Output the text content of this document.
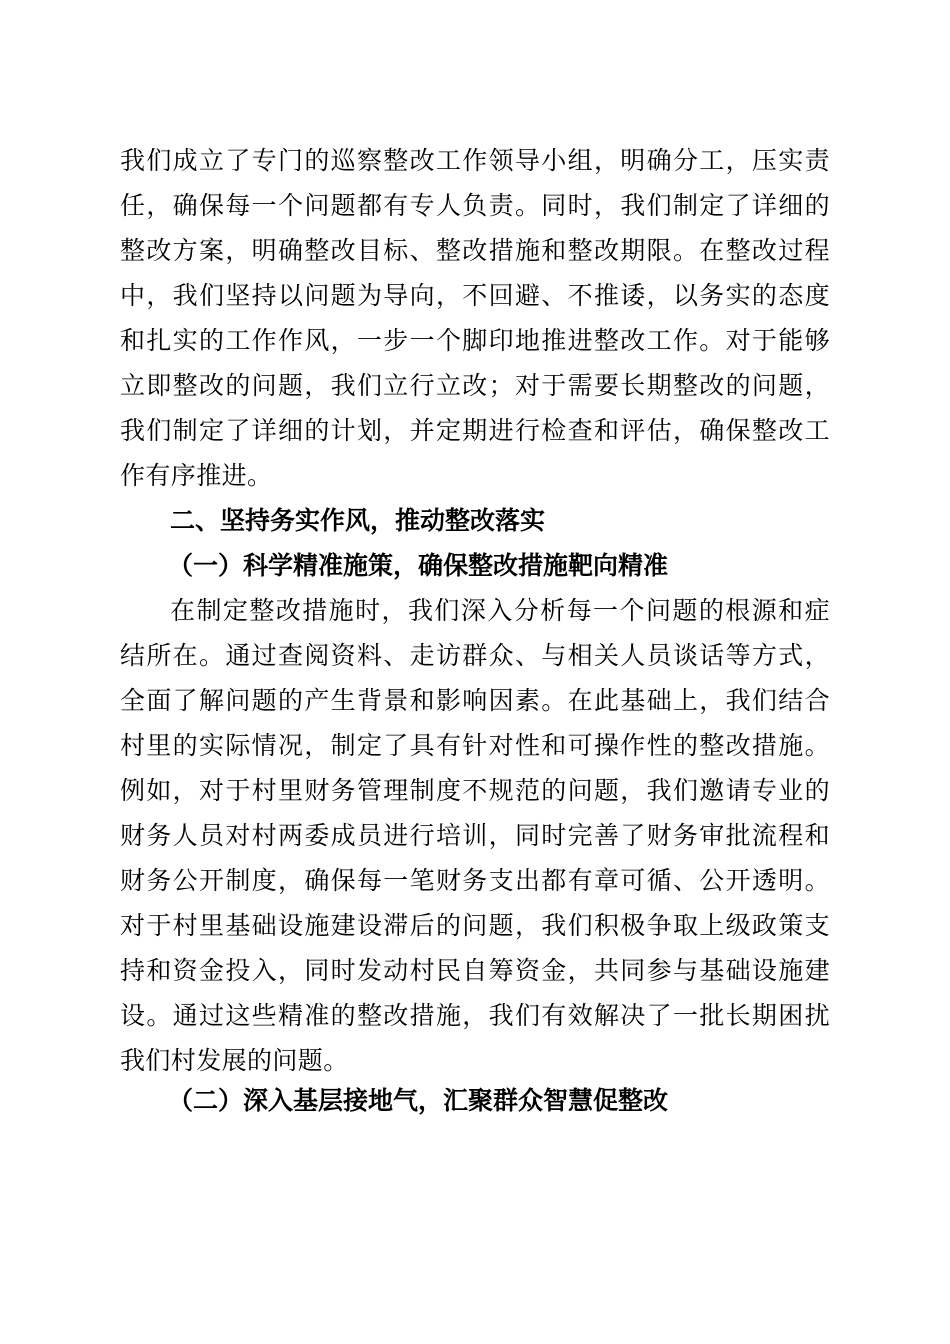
我们成立了专门的巡察整改工作领导小组，明确分工，压实责
任，确保每一个问题都有专人负责。同时，我们制定了详细的
整改方案，明确整改目标、整改措施和整改期限。在整改过程
中，我们坚持以问题为导向，不回避、不推诿，以务实的态度
和扎实的工作作风，一步一个脚印地推进整改工作。对于能够
立即整改的问题，我们立行立改；对于需要长期整改的问题，
我们制定了详细的计划，并定期进行检查和评估，确保整改工
作有序推进。
二、坚持务实作风，推动整改落实
（一）科学精准施策，确保整改措施靶向精准
在制定整改措施时，我们深入分析每一个问题的根源和症
结所在。通过查阅资料、走访群众、与相关人员谈话等方式，
全面了解问题的产生背景和影响因素。在此基础上，我们结合
村里的实际情况，制定了具有针对性和可操作性的整改措施。
例如，对于村里财务管理制度不规范的问题，我们邀请专业的
财务人员对村两委成员进行培训，同时完善了财务审批流程和
财务公开制度，确保每一笔财务支出都有章可循、公开透明。
对于村里基础设施建设滞后的问题，我们积极争取上级政策支
持和资金投入，同时发动村民自筹资金，共同参与基础设施建
设。通过这些精准的整改措施，我们有效解决了一批长期困扰
我们村发展的问题。
（二）深入基层接地气，汇聚群众智慧促整改
